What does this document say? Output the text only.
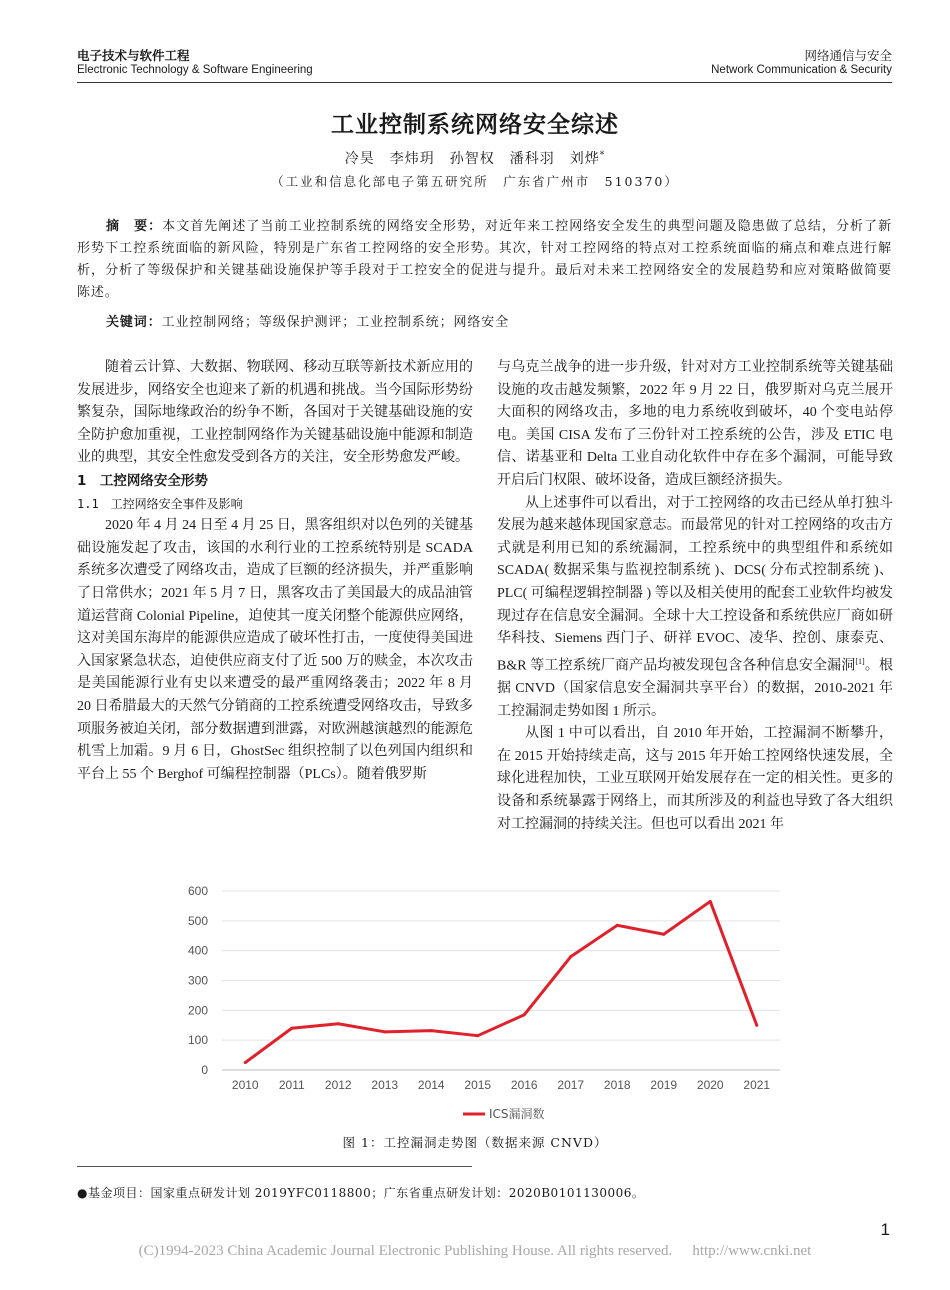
电子技术与软件工程
Electronic Technology & Software Engineering
网络通信与安全
Network Communication & Security
工业控制系统网络安全综述
冷昊　李炜玥　孙智权　潘科羽　刘烨*
（工业和信息化部电子第五研究所　广东省广州市　510370）
摘　要：本文首先阐述了当前工业控制系统的网络安全形势，对近年来工控网络安全发生的典型问题及隐患做了总结，分析了新形势下工控系统面临的新风险，特别是广东省工控网络的安全形势。其次，针对工控网络的特点对工控系统面临的痛点和难点进行解析，分析了等级保护和关键基础设施保护等手段对于工控安全的促进与提升。最后对未来工控网络安全的发展趋势和应对策略做简要陈述。
关键词：工业控制网络；等级保护测评；工业控制系统；网络安全

随着云计算、大数据、物联网、移动互联等新技术新应用的发展进步，网络安全也迎来了新的机遇和挑战。当今国际形势纷繁复杂，国际地缘政治的纷争不断，各国对于关键基础设施的安全防护愈加重视，工业控制网络作为关键基础设施中能源和制造业的典型，其安全性愈发受到各方的关注，安全形势愈发严峻。

1　工控网络安全形势

1.1　工控网络安全事件及影响

2020 年 4 月 24 日至 4 月 25 日，黑客组织对以色列的关键基础设施发起了攻击，该国的水利行业的工控系统特别是 SCADA 系统多次遭受了网络攻击，造成了巨额的经济损失，并严重影响了日常供水；2021 年 5 月 7 日，黑客攻击了美国最大的成品油管道运营商 Colonial Pipeline，迫使其一度关闭整个能源供应网络，这对美国东海岸的能源供应造成了破坏性打击，一度使得美国进入国家紧急状态，迫使供应商支付了近 500 万的赎金，本次攻击是美国能源行业有史以来遭受的最严重网络袭击；2022 年 8 月 20 日希腊最大的天然气分销商的工控系统遭受网络攻击，导致多项服务被迫关闭，部分数据遭到泄露，对欧洲越演越烈的能源危机雪上加霜。9 月 6 日，GhostSec 组织控制了以色列国内组织和平台上 55 个 Berghof 可编程控制器（PLCs）。随着俄罗斯

与乌克兰战争的进一步升级，针对对方工业控制系统等关键基础设施的攻击越发频繁，2022 年 9 月 22 日，俄罗斯对乌克兰展开大面积的网络攻击，多地的电力系统收到破坏，40 个变电站停电。美国 CISA 发布了三份针对工控系统的公告，涉及 ETIC 电信、诺基亚和 Delta 工业自动化软件中存在多个漏洞，可能导致开启后门权限、破坏设备，造成巨额经济损失。

从上述事件可以看出，对于工控网络的攻击已经从单打独斗发展为越来越体现国家意志。而最常见的针对工控网络的攻击方式就是利用已知的系统漏洞，工控系统中的典型组件和系统如 SCADA( 数据采集与监视控制系统 )、DCS( 分布式控制系统 )、PLC( 可编程逻辑控制器 ) 等以及相关使用的配套工业软件均被发现过存在信息安全漏洞。全球十大工控设备和系统供应厂商如研华科技、Siemens 西门子、研祥 EVOC、凌华、控创、康泰克、B&R 等工控系统厂商产品均被发现包含各种信息安全漏洞[1]。根据 CNVD（国家信息安全漏洞共享平台）的数据，2010-2021 年工控漏洞走势如图 1 所示。

从图 1 中可以看出，自 2010 年开始，工控漏洞不断攀升，在 2015 开始持续走高，这与 2015 年开始工控网络快速发展，全球化进程加快，工业互联网开始发展存在一定的相关性。更多的设备和系统暴露于网络上，而其所涉及的利益也导致了各大组织对工控漏洞的持续关注。但也可以看出 2021 年

0
100
200
300
400
500
600
2010 2011 2012 2013 2014 2015 2016 2017 2018 2019 2020 2021
ICS漏洞数
图 1：工控漏洞走势图（数据来源 CNVD）
●基金项目：国家重点研发计划 2019YFC0118800；广东省重点研发计划：2020B0101130006。
1
(C)1994-2023 China Academic Journal Electronic Publishing House. All rights reserved. http://www.cnki.net
